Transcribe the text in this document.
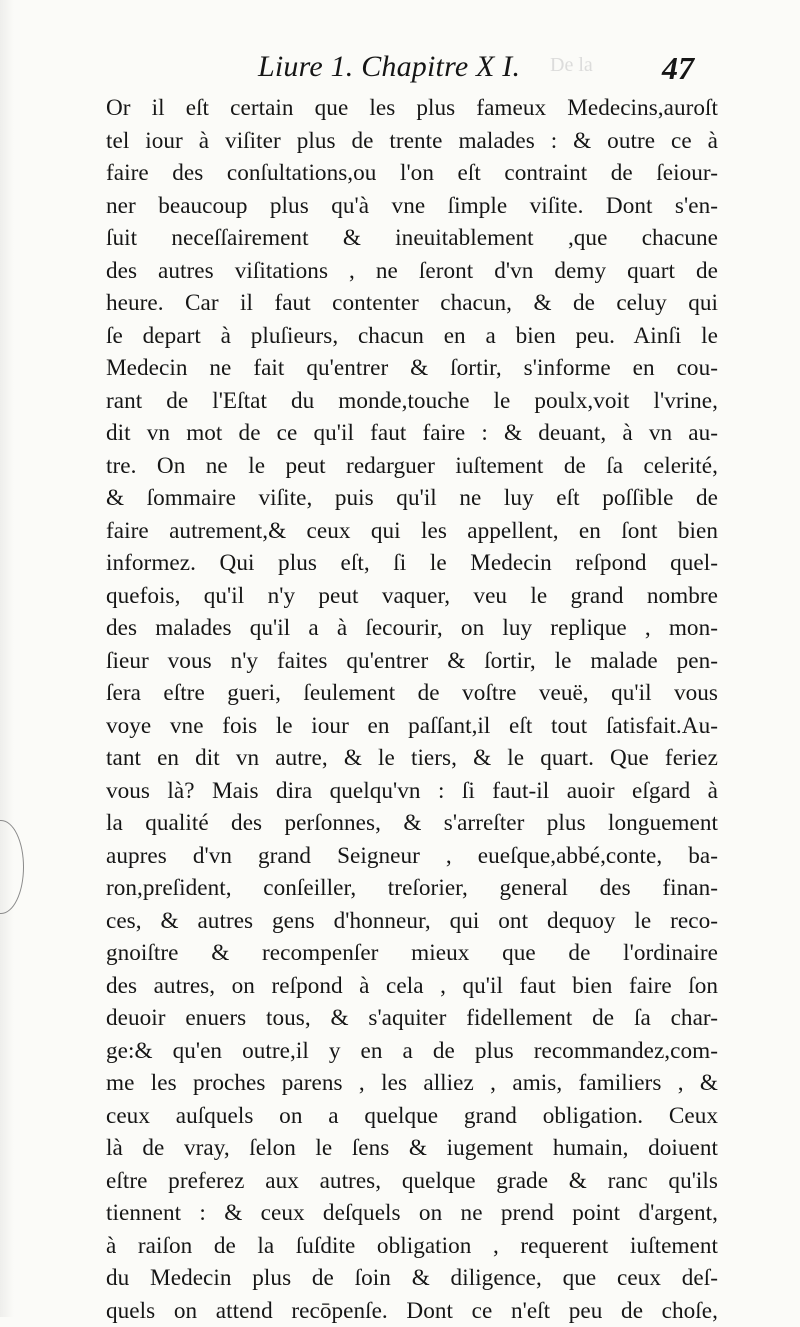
De la
Liure 1. Chapitre X I.	47
Or il eſt certain que les plus fameux Medecins,auroſt
tel iour à viſiter plus de trente malades : & outre ce à
faire des conſultations,ou l'on eſt contraint de ſeiour-
ner beaucoup plus qu'à vne ſimple viſite. Dont s'en-
ſuit neceſſairement & ineuitablement ,que chacune
des autres viſitations , ne ſeront d'vn demy quart de
heure. Car il faut contenter chacun, & de celuy qui
ſe depart à pluſieurs, chacun en a bien peu. Ainſi le
Medecin ne fait qu'entrer & ſortir, s'informe en cou-
rant de l'Eſtat du monde,touche le poulx,voit l'vrine,
dit vn mot de ce qu'il faut faire : & deuant, à vn au-
tre. On ne le peut redarguer iuſtement de ſa celerité,
& ſommaire viſite, puis qu'il ne luy eſt poſſible de
faire autrement,& ceux qui les appellent, en ſont bien
informez. Qui plus eſt, ſi le Medecin reſpond quel-
quefois, qu'il n'y peut vaquer, veu le grand nombre
des malades qu'il a à ſecourir, on luy replique , mon-
ſieur vous n'y faites qu'entrer & ſortir, le malade pen-
ſera eſtre gueri, ſeulement de voſtre veuë, qu'il vous
voye vne fois le iour en paſſant,il eſt tout ſatisfait.Au-
tant en dit vn autre, & le tiers, & le quart. Que feriez
vous là? Mais dira quelqu'vn : ſi faut-il auoir eſgard à
la qualité des perſonnes, & s'arreſter plus longuement
aupres d'vn grand Seigneur , eueſque,abbé,conte, ba-
ron,preſident, conſeiller, treſorier, general des finan-
ces, & autres gens d'honneur, qui ont dequoy le reco-
gnoiſtre & recompenſer mieux que de l'ordinaire
des autres, on reſpond à cela , qu'il faut bien faire ſon
deuoir enuers tous, & s'aquiter fidellement de ſa char-
ge:& qu'en outre,il y en a de plus recommandez,com-
me les proches parens , les alliez , amis, familiers , &
ceux auſquels on a quelque grand obligation. Ceux
là de vray, ſelon le ſens & iugement humain, doiuent
eſtre preferez aux autres, quelque grade & ranc qu'ils
tiennent : & ceux deſquels on ne prend point d'argent,
à raiſon de la ſuſdite obligation , requerent iuſtement
du Medecin plus de ſoin & diligence, que ceux deſ-
quels on attend recōpenſe. Dont ce n'eſt peu de choſe,
